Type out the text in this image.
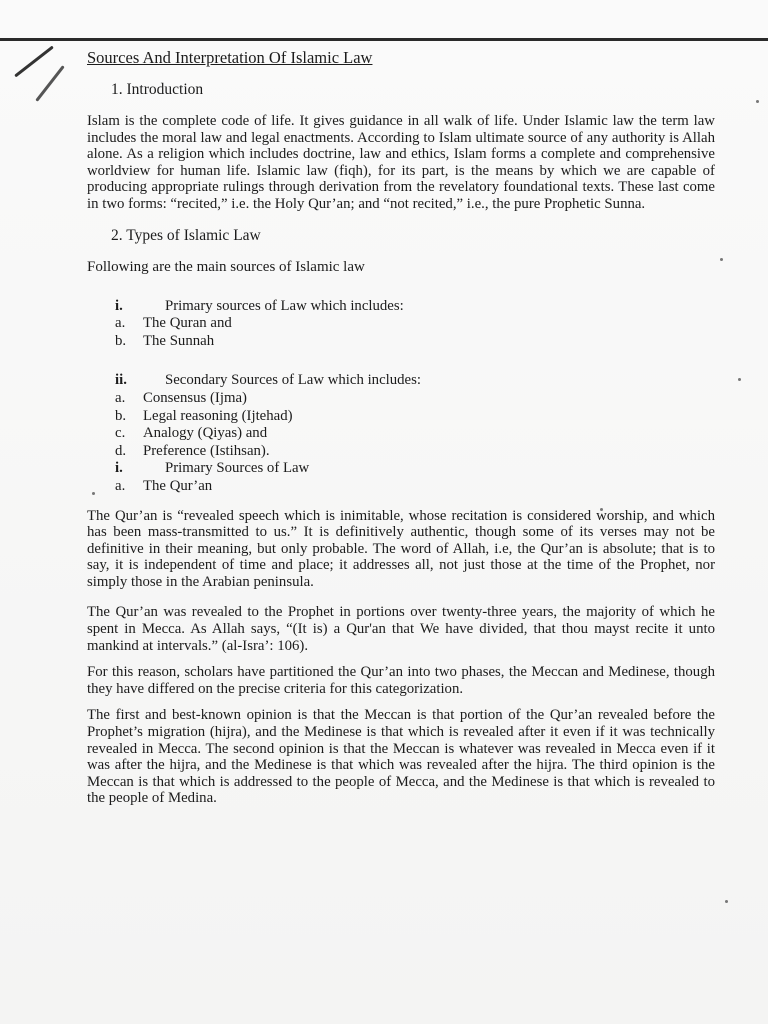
Sources And Interpretation Of Islamic Law
1. Introduction

Islam is the complete code of life. It gives guidance in all walk of life. Under Islamic law the term law includes the moral law and legal enactments. According to Islam ultimate source of any authority is Allah alone. As a religion which includes doctrine, law and ethics, Islam forms a complete and comprehensive worldview for human life. Islamic law (fiqh), for its part, is the means by which we are capable of producing appropriate rulings through derivation from the revelatory foundational texts. These last come in two forms: “recited,” i.e. the Holy Qur’an; and “not recited,” i.e., the pure Prophetic Sunna.

2. Types of Islamic Law

Following are the main sources of Islamic law

i.	Primary sources of Law which includes:
a.	The Quran and
b.	The Sunnah
ii.	Secondary Sources of Law which includes:
a.	Consensus (Ijma)
b.	Legal reasoning (Ijtehad)
c.	Analogy (Qiyas) and
d.	Preference (Istihsan).
i.	Primary Sources of Law
a.	The Qur’an

The Qur’an is “revealed speech which is inimitable, whose recitation is considered worship, and which has been mass-transmitted to us.” It is definitively authentic, though some of its verses may not be definitive in their meaning, but only probable. The word of Allah, i.e, the Qur’an is absolute; that is to say, it is independent of time and place; it addresses all, not just those at the time of the Prophet, nor simply those in the Arabian peninsula.

The Qur’an was revealed to the Prophet in portions over twenty-three years, the majority of which he spent in Mecca. As Allah says, “(It is) a Qur'an that We have divided, that thou mayst recite it unto mankind at intervals.” (al-Isra’: 106).

For this reason, scholars have partitioned the Qur’an into two phases, the Meccan and Medinese, though they have differed on the precise criteria for this categorization.

The first and best-known opinion is that the Meccan is that portion of the Qur’an revealed before the Prophet’s migration (hijra), and the Medinese is that which is revealed after it even if it was technically revealed in Mecca. The second opinion is that the Meccan is whatever was revealed in Mecca even if it was after the hijra, and the Medinese is that which was revealed after the hijra. The third opinion is the Meccan is that which is addressed to the people of Mecca, and the Medinese is that which is revealed to the people of Medina.
